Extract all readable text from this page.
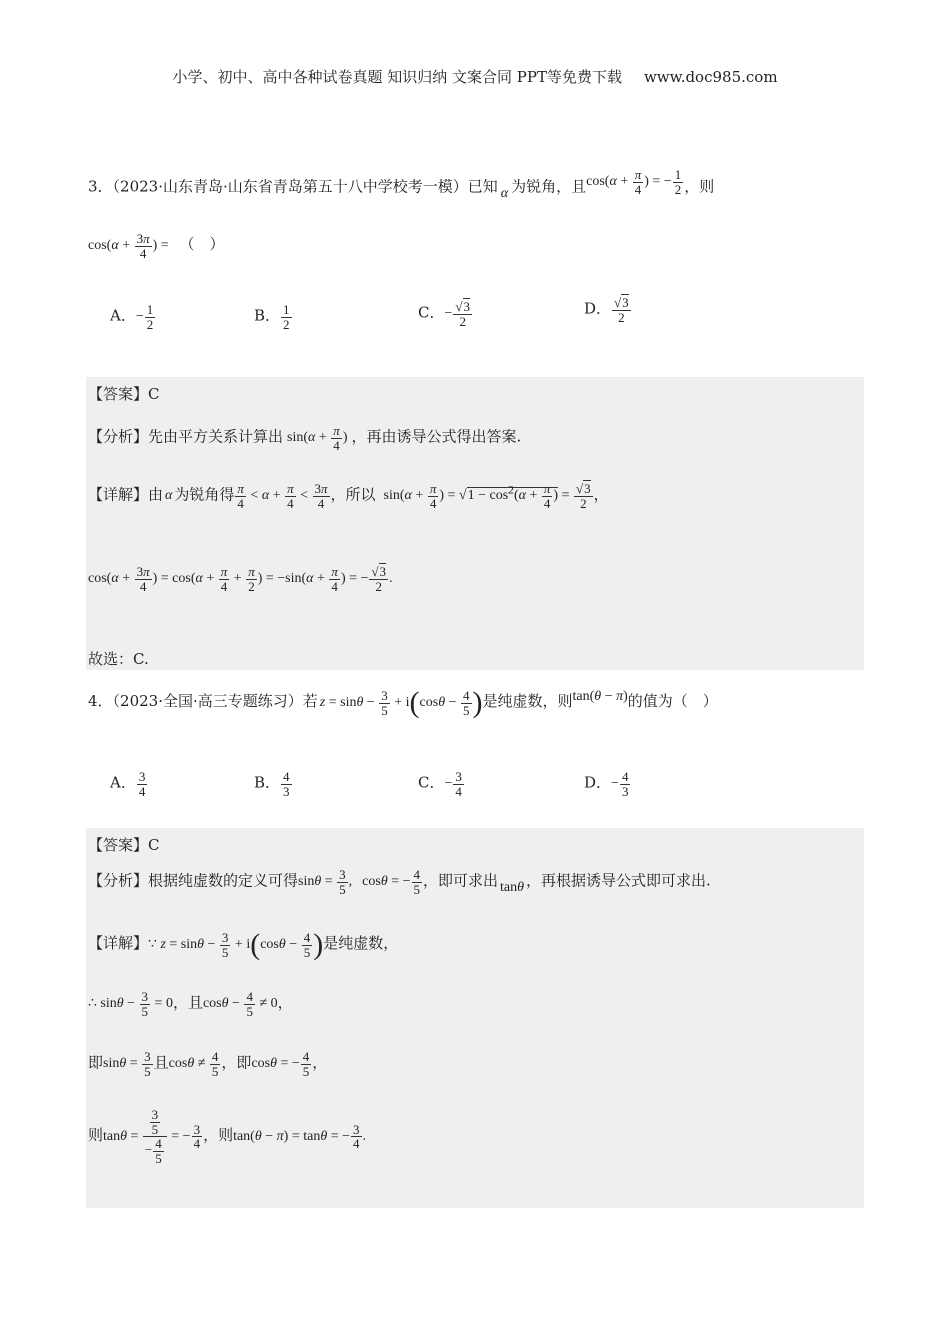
小学、初中、高中各种试卷真题 知识归纳 文案合同 PPT等免费下载 www.doc985.com
3．（2023·山东青岛·山东省青岛第五十八中学校考一模）已知 α 为锐角，且$\cos(\alpha + \frac{\pi}{4}$ ) = − $\frac{1}{2}$ ，则
$\cos(\alpha + \frac{3\pi}{4}$ ) = （　）
A．− $\frac{1}{2}$	B． $\frac{1}{2}$	C．− $\frac{√3}{2}$	D． $\frac{√3}{2}$
【答案】C
【分析】先由平方关系计算出 $\sin(\alpha + \frac{\pi}{4}$ ) ，再由诱导公式得出答案.
【详解】由 α 为锐角得 $\frac{\pi}{4} < \alpha + \frac{\pi}{4} < \frac{3\pi}{4}$ ，所以 $\sin(\alpha + \frac{\pi}{4}$ ) = $√1 - \cos^2(\alpha + \frac{\pi}{4}$ ) = $\frac{√3}{2}$ ，
$\cos(\alpha + \frac{3\pi}{4}$ ) = $\cos(\alpha + \frac{\pi}{4} + \frac{\pi}{2}$ ) = $-\sin(\alpha + \frac{\pi}{4}$ ) = − $\frac{√3}{2}$ .
故选：C.
4．（2023·全国·高三专题练习）若 $z = \sin\theta - \frac{3}{5} + i(\cos\theta - \frac{4}{5}$ )是纯虚数，则tan(θ − π)的值为（　）
A． $\frac{3}{4}$	B． $\frac{4}{3}$	C．− $\frac{3}{4}$	D．− $\frac{4}{3}$
【答案】C
【分析】根据纯虚数的定义可得$\sin\theta = \frac{3}{5}$ , cosθ = − $\frac{4}{5}$ ，即可求出 tanθ ，再根据诱导公式即可求出.
【详解】∵ $z = \sin\theta - \frac{3}{5} + i(\cos\theta - \frac{4}{5}$ )是纯虚数，
∴ $\sin\theta - \frac{3}{5} = 0$，且$\cos\theta - \frac{4}{5} \ne 0$，
即$\sin\theta = \frac{3}{5}$ 且$\cos\theta \ne \frac{4}{5}$ ，即cosθ = − $\frac{4}{5}$ ，
则$\tan\theta = \frac{\frac{3}{5}}{- \frac{4}{5}}$ = − $\frac{3}{4}$ ，则tan(θ − π) = tanθ = − $\frac{3}{4}$ .
